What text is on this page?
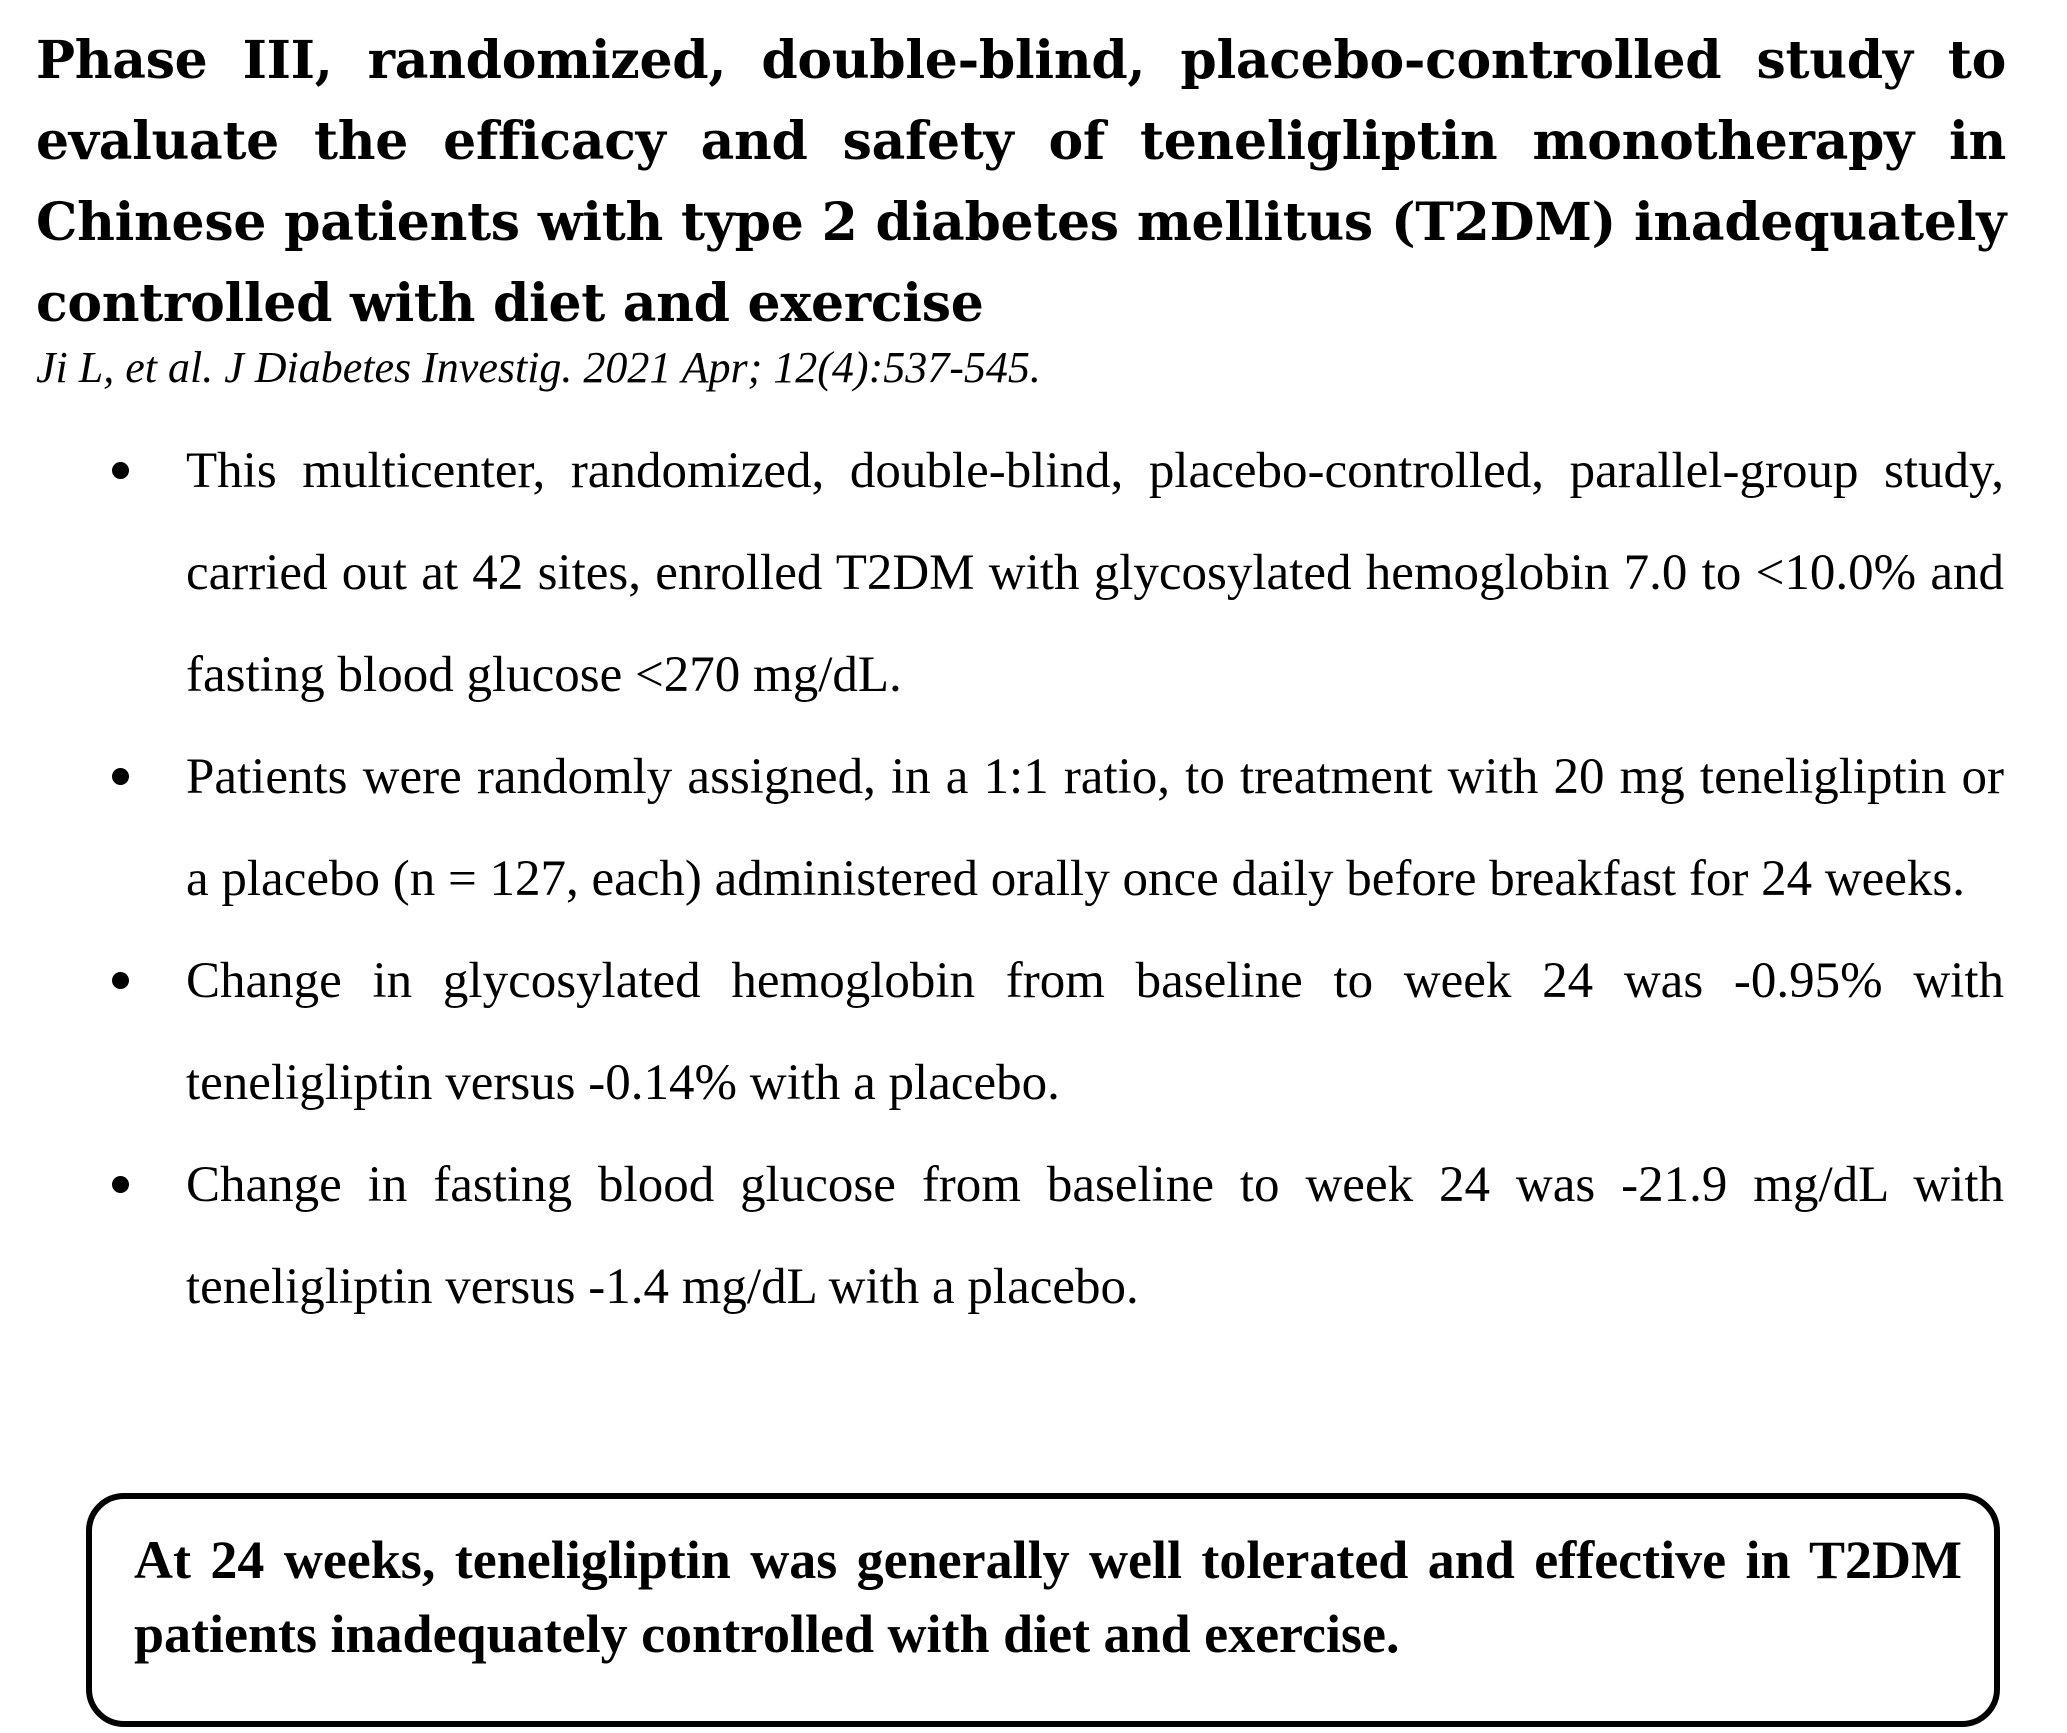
Phase III, randomized, double-blind, placebo-controlled study to evaluate the efficacy and safety of teneligliptin monotherapy in Chinese patients with type 2 diabetes mellitus (T2DM) inadequately controlled with diet and exercise

Ji L, et al. J Diabetes Investig. 2021 Apr; 12(4):537-545.

This multicenter, randomized, double-blind, placebo-controlled, parallel-group study, carried out at 42 sites, enrolled T2DM with glycosylated hemoglobin 7.0 to <10.0% and fasting blood glucose <270 mg/dL.
Patients were randomly assigned, in a 1:1 ratio, to treatment with 20 mg teneligliptin or a placebo (n = 127, each) administered orally once daily before breakfast for 24 weeks.
Change in glycosylated hemoglobin from baseline to week 24 was -0.95% with teneligliptin versus -0.14% with a placebo.
Change in fasting blood glucose from baseline to week 24 was -21.9 mg/dL with teneligliptin versus -1.4 mg/dL with a placebo.

At 24 weeks, teneligliptin was generally well tolerated and effective in T2DM patients inadequately controlled with diet and exercise.
